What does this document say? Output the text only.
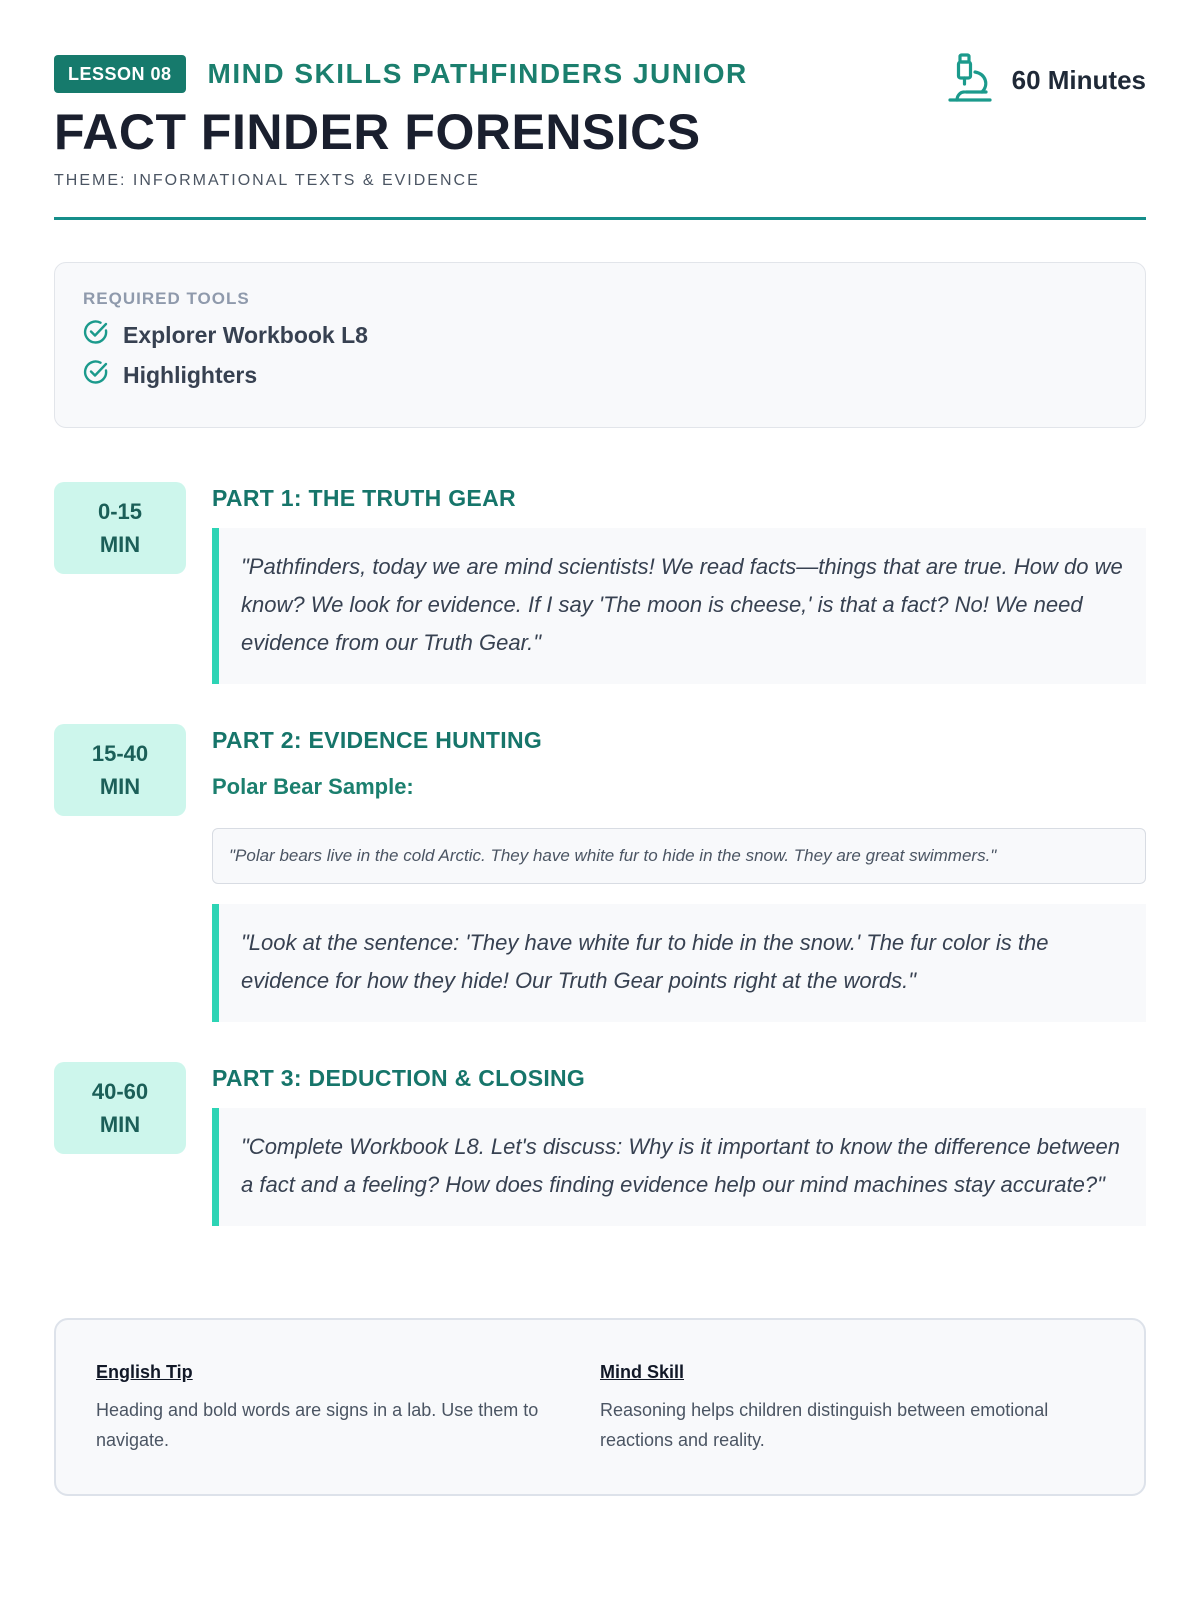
LESSON 08	MIND SKILLS PATHFINDERS JUNIOR
FACT FINDER FORENSICS
THEME: INFORMATIONAL TEXTS & EVIDENCE
60 Minutes
REQUIRED TOOLS
Explorer Workbook L8
Highlighters
0-15
MIN
PART 1: THE TRUTH GEAR
"Pathfinders, today we are mind scientists! We read facts—things that are true. How do we know? We look for evidence. If I say 'The moon is cheese,' is that a fact? No! We need evidence from our Truth Gear."
15-40
MIN
PART 2: EVIDENCE HUNTING
Polar Bear Sample:
"Polar bears live in the cold Arctic. They have white fur to hide in the snow. They are great swimmers."
"Look at the sentence: 'They have white fur to hide in the snow.' The fur color is the evidence for how they hide! Our Truth Gear points right at the words."
40-60
MIN
PART 3: DEDUCTION & CLOSING
"Complete Workbook L8. Let's discuss: Why is it important to know the difference between a fact and a feeling? How does finding evidence help our mind machines stay accurate?"
English Tip
Heading and bold words are signs in a lab. Use them to navigate.
Mind Skill
Reasoning helps children distinguish between emotional reactions and reality.
